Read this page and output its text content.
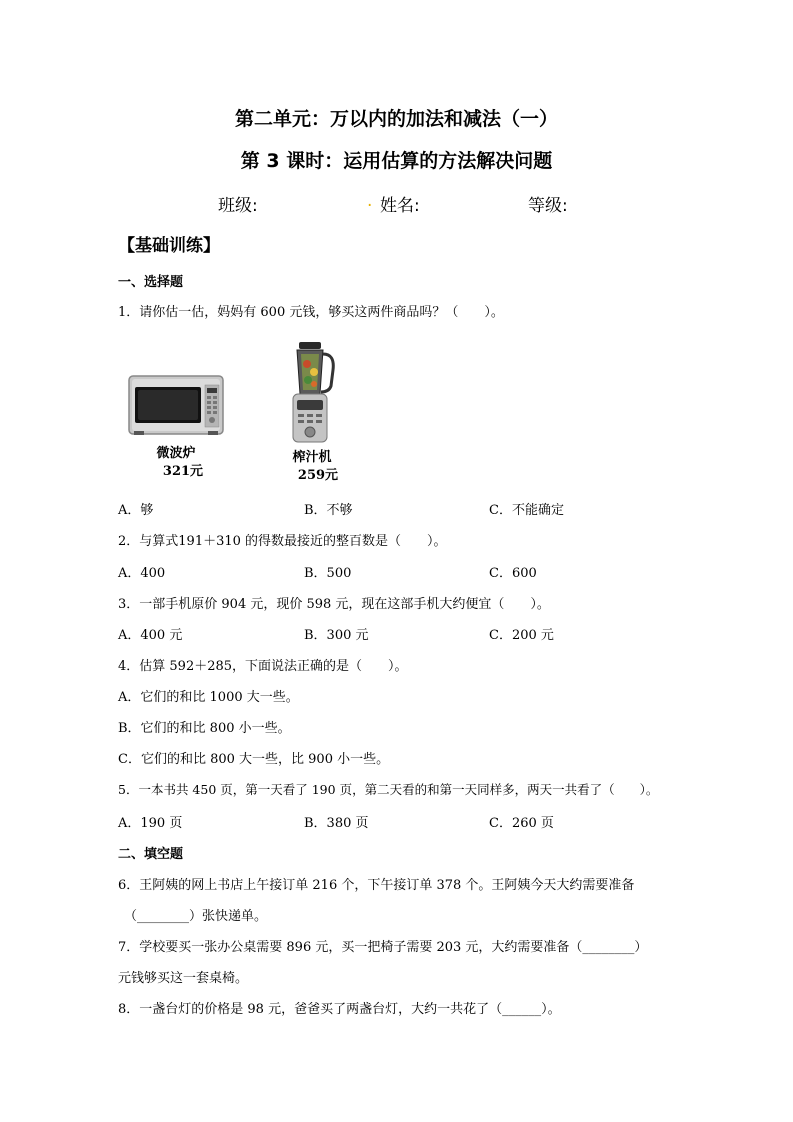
第二单元：万以内的加法和减法（一）
第 3 课时：运用估算的方法解决问题
班级:	. 姓名:	等级:
【基础训练】
一、选择题
1．请你估一估，妈妈有 600 元钱，够买这两件商品吗？（　　）。
微波炉
321元
榨汁机
259元
A．够	B．不够	C．不能确定
2．与算式191＋310 的得数最接近的整百数是（　　）。
A．400	B．500	C．600
3．一部手机原价 904 元，现价 598 元，现在这部手机大约便宜（　　）。
A．400 元	B．300 元	C．200 元
4．估算 592＋285，下面说法正确的是（　　）。
A．它们的和比 1000 大一些。
B．它们的和比 800 小一些。
C．它们的和比 800 大一些，比 900 小一些。
5．一本书共 450 页，第一天看了 190 页，第二天看的和第一天同样多，两天一共看了（　　）。
A．190 页	B．380 页	C．260 页
二、填空题
6．王阿姨的网上书店上午接订单 216 个，下午接订单 378 个。王阿姨今天大约需要准备
（________）张快递单。
7．学校要买一张办公桌需要 896 元，买一把椅子需要 203 元，大约需要准备（________）
元钱够买这一套桌椅。
8．一盏台灯的价格是 98 元，爸爸买了两盏台灯，大约一共花了（______）。
